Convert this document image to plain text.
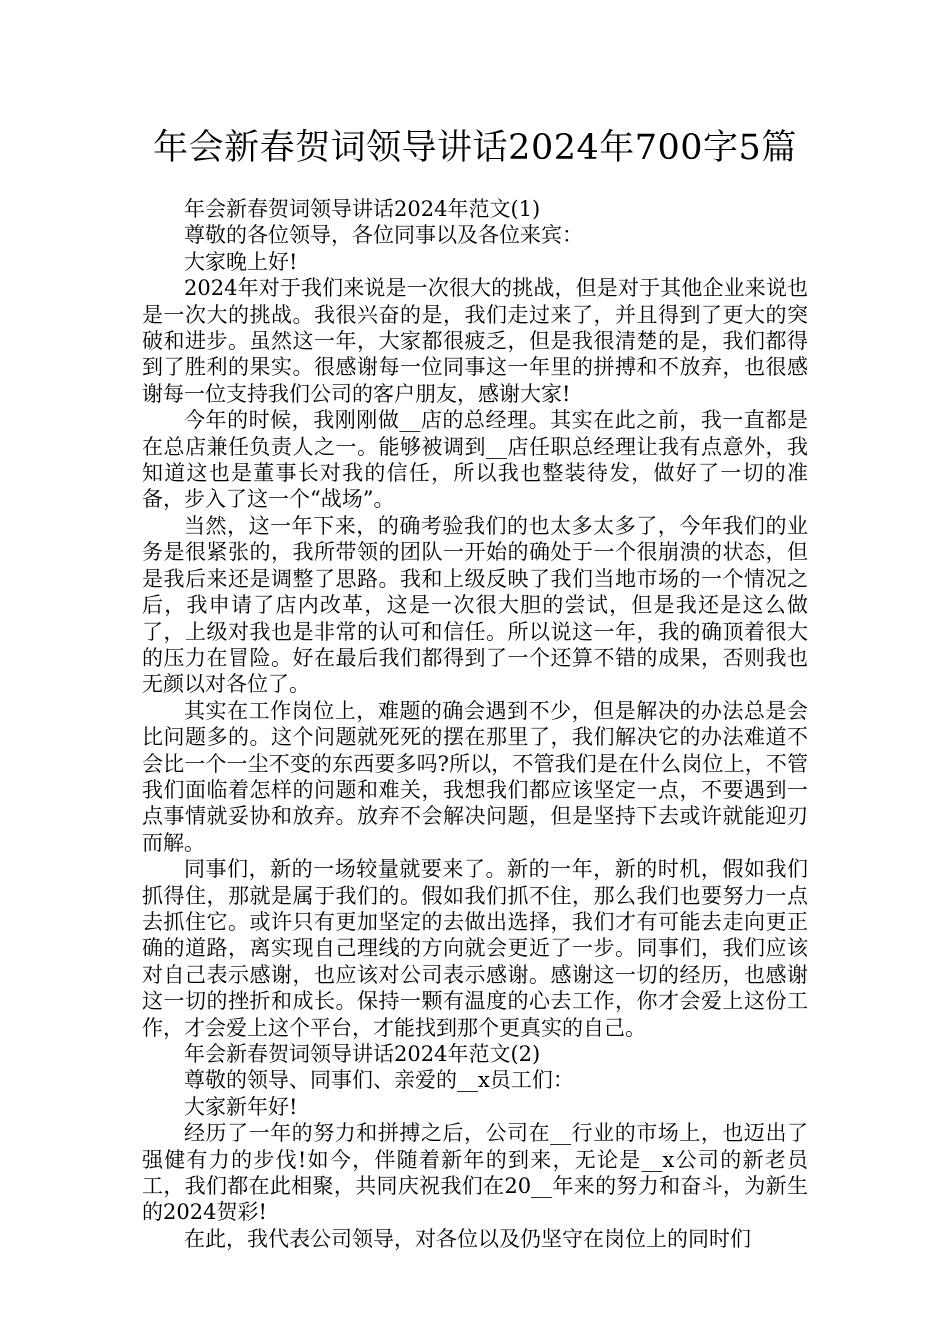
年会新春贺词领导讲话2024年700字5篇

年会新春贺词领导讲话2024年范文(1)

尊敬的各位领导，各位同事以及各位来宾：

大家晚上好!

2024年对于我们来说是一次很大的挑战，但是对于其他企业来说也是一次大的挑战。我很兴奋的是，我们走过来了，并且得到了更大的突破和进步。虽然这一年，大家都很疲乏，但是我很清楚的是，我们都得到了胜利的果实。很感谢每一位同事这一年里的拼搏和不放弃，也很感谢每一位支持我们公司的客户朋友，感谢大家!

今年的时候，我刚刚做__店的总经理。其实在此之前，我一直都是在总店兼任负责人之一。能够被调到__店任职总经理让我有点意外，我知道这也是董事长对我的信任，所以我也整装待发，做好了一切的准备，步入了这一个“战场”。

当然，这一年下来，的确考验我们的也太多太多了，今年我们的业务是很紧张的，我所带领的团队一开始的确处于一个很崩溃的状态，但是我后来还是调整了思路。我和上级反映了我们当地市场的一个情况之后，我申请了店内改革，这是一次很大胆的尝试，但是我还是这么做了，上级对我也是非常的认可和信任。所以说这一年，我的确顶着很大的压力在冒险。好在最后我们都得到了一个还算不错的成果，否则我也无颜以对各位了。

其实在工作岗位上，难题的确会遇到不少，但是解决的办法总是会比问题多的。这个问题就死死的摆在那里了，我们解决它的办法难道不会比一个一尘不变的东西要多吗?所以，不管我们是在什么岗位上，不管我们面临着怎样的问题和难关，我想我们都应该坚定一点，不要遇到一点事情就妥协和放弃。放弃不会解决问题，但是坚持下去或许就能迎刃而解。

同事们，新的一场较量就要来了。新的一年，新的时机，假如我们抓得住，那就是属于我们的。假如我们抓不住，那么我们也要努力一点去抓住它。或许只有更加坚定的去做出选择，我们才有可能去走向更正确的道路，离实现自己理线的方向就会更近了一步。同事们，我们应该对自己表示感谢，也应该对公司表示感谢。感谢这一切的经历，也感谢这一切的挫折和成长。保持一颗有温度的心去工作，你才会爱上这份工作，才会爱上这个平台，才能找到那个更真实的自己。

年会新春贺词领导讲话2024年范文(2)

尊敬的领导、同事们、亲爱的__x员工们：

大家新年好!

经历了一年的努力和拼搏之后，公司在__行业的市场上，也迈出了强健有力的步伐!如今，伴随着新年的到来，无论是__x公司的新老员工，我们都在此相聚，共同庆祝我们在20__年来的努力和奋斗，为新生的2024贺彩!

在此，我代表公司领导，对各位以及仍坚守在岗位上的同时们
